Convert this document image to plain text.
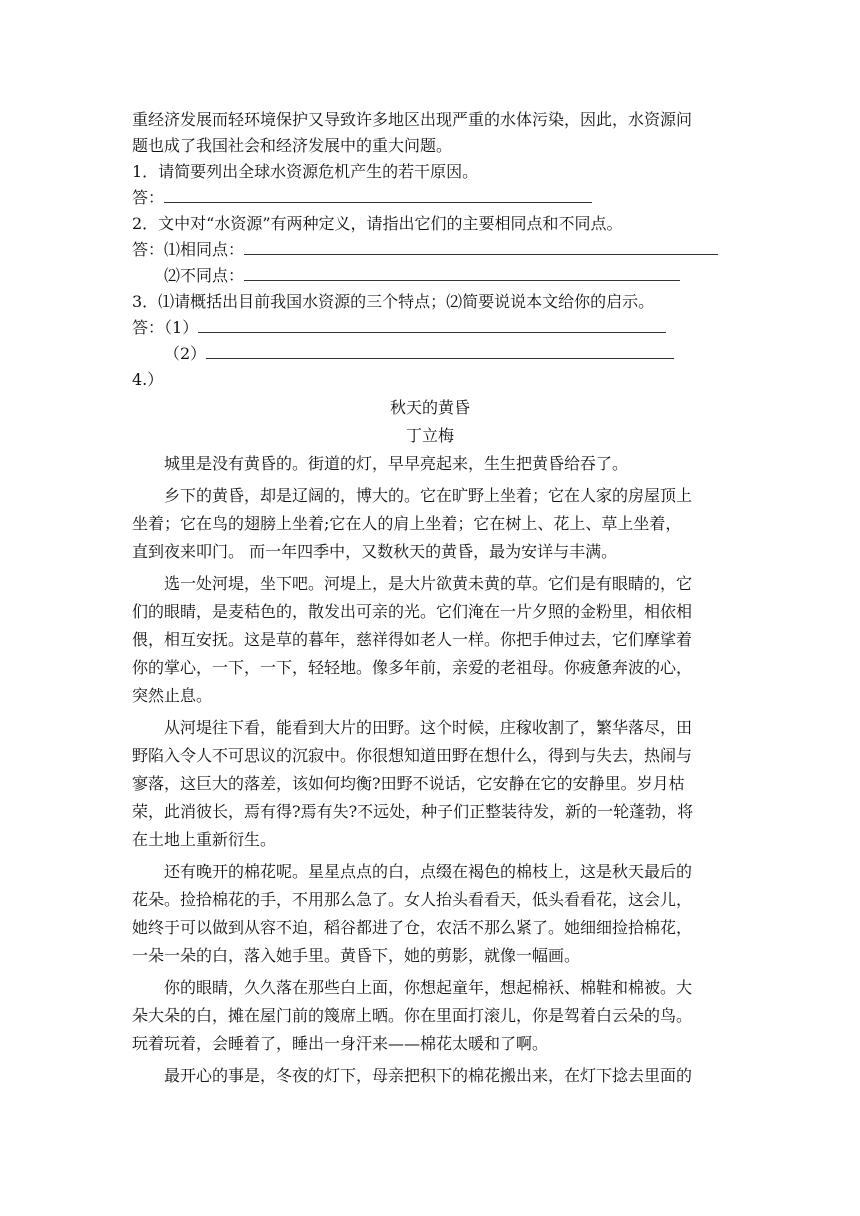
重经济发展而轻环境保护又导致许多地区出现严重的水体污染，因此，水资源问
题也成了我国社会和经济发展中的重大问题。
1．请简要列出全球水资源危机产生的若干原因。
答：
2．文中对“水资源”有两种定义，请指出它们的主要相同点和不同点。
答：⑴相同点：
⑵不同点：
3．⑴请概括出目前我国水资源的三个特点；⑵简要说说本文给你的启示。
答：（1）
（2）
4.）
秋天的黄昏
丁立梅
城里是没有黄昏的。街道的灯，早早亮起来，生生把黄昏给吞了。
乡下的黄昏，却是辽阔的，博大的。它在旷野上坐着；它在人家的房屋顶上
坐着；它在鸟的翅膀上坐着;它在人的肩上坐着；它在树上、花上、草上坐着，
直到夜来叩门。 而一年四季中，又数秋天的黄昏，最为安详与丰满。
选一处河堤，坐下吧。河堤上，是大片欲黄未黄的草。它们是有眼睛的，它
们的眼睛，是麦秸色的，散发出可亲的光。它们淹在一片夕照的金粉里，相依相
偎，相互安抚。这是草的暮年，慈祥得如老人一样。你把手伸过去，它们摩挲着
你的掌心，一下，一下，轻轻地。像多年前，亲爱的老祖母。你疲惫奔波的心，
突然止息。
从河堤往下看，能看到大片的田野。这个时候，庄稼收割了，繁华落尽，田
野陷入令人不可思议的沉寂中。你很想知道田野在想什么，得到与失去，热闹与
寥落，这巨大的落差，该如何均衡?田野不说话，它安静在它的安静里。岁月枯
荣，此消彼长，焉有得?焉有失?不远处，种子们正整装待发，新的一轮蓬勃，将
在土地上重新衍生。
还有晚开的棉花呢。星星点点的白，点缀在褐色的棉枝上，这是秋天最后的
花朵。捡拾棉花的手，不用那么急了。女人抬头看看天，低头看看花，这会儿，
她终于可以做到从容不迫，稻谷都进了仓，农活不那么紧了。她细细捡拾棉花，
一朵一朵的白，落入她手里。黄昏下，她的剪影，就像一幅画。
你的眼睛，久久落在那些白上面，你想起童年，想起棉袄、棉鞋和棉被。大
朵大朵的白，摊在屋门前的篾席上晒。你在里面打滚儿，你是驾着白云朵的鸟。
玩着玩着，会睡着了，睡出一身汗来——棉花太暖和了啊。
最开心的事是，冬夜的灯下，母亲把积下的棉花搬出来，在灯下捻去里面的
